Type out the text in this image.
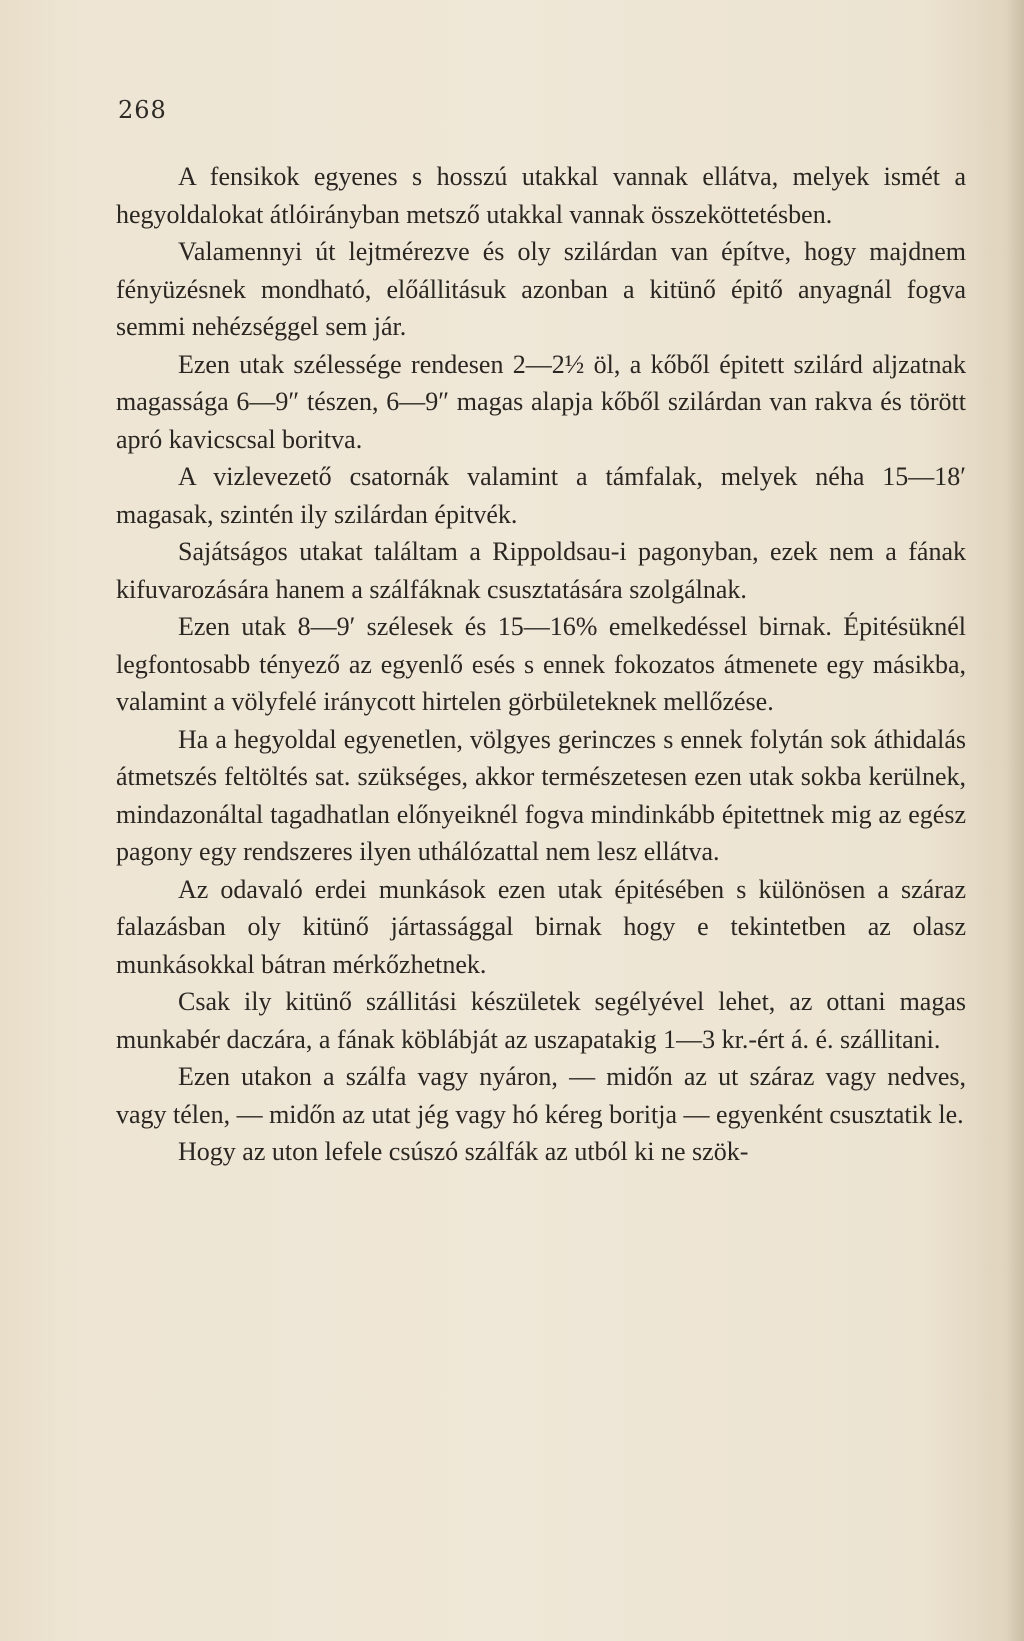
268

A fensikok egyenes s hosszú utakkal vannak ellátva, melyek ismét a hegyoldalokat átlóirányban metsző utakkal vannak összeköttetésben.

Valamennyi út lejtmérezve és oly szilárdan van építve, hogy majdnem fényüzésnek mondható, előállitásuk azonban a kitünő épitő anyagnál fogva semmi nehézséggel sem jár.

Ezen utak szélessége rendesen 2—2½ öl, a kőből épitett szilárd aljzatnak magassága 6—9″ tészen, 6—9″ magas alapja kőből szilárdan van rakva és törött apró kavicscsal boritva.

A vizlevezető csatornák valamint a támfalak, melyek néha 15—18′ magasak, szintén ily szilárdan épitvék.

Sajátságos utakat találtam a Rippoldsau-i pagonyban, ezek nem a fának kifuvarozására hanem a szálfáknak csusztatására szolgálnak.

Ezen utak 8—9′ szélesek és 15—16% emelkedéssel birnak. Épitésüknél legfontosabb tényező az egyenlő esés s ennek fokozatos átmenete egy másikba, valamint a völyfelé iránycott hirtelen görbületeknek mellőzése.

Ha a hegyoldal egyenetlen, völgyes gerinczes s ennek folytán sok áthidalás átmetszés feltöltés sat. szükséges, akkor természetesen ezen utak sokba kerülnek, mindazonáltal tagadhatlan előnyeiknél fogva mindinkább épitettnek mig az egész pagony egy rendszeres ilyen uthálózattal nem lesz ellátva.

Az odavaló erdei munkások ezen utak épitésében s különösen a száraz falazásban oly kitünő jártassággal birnak hogy e tekintetben az olasz munkásokkal bátran mérkőzhetnek.

Csak ily kitünő szállitási készületek segélyével lehet, az ottani magas munkabér daczára, a fának köblábját az uszapatakig 1—3 kr.-ért á. é. szállitani.

Ezen utakon a szálfa vagy nyáron, — midőn az ut száraz vagy nedves, vagy télen, — midőn az utat jég vagy hó kéreg boritja — egyenként csusztatik le.

Hogy az uton lefele csúszó szálfák az utból ki ne szök-
